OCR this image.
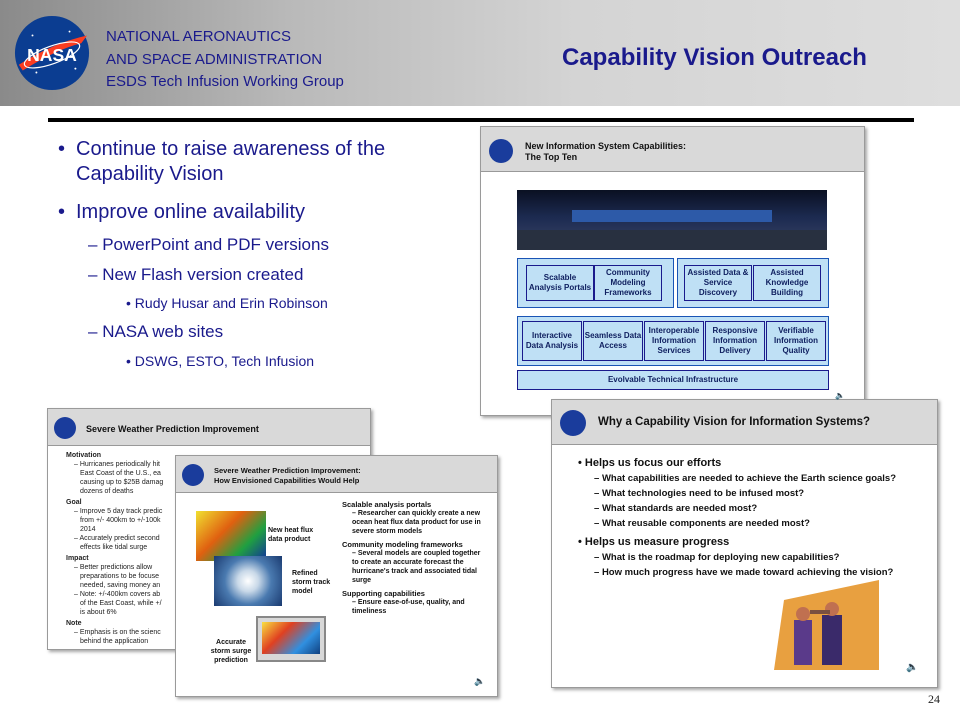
NASA
NATIONAL AERONAUTICS
AND SPACE ADMINISTRATION
ESDS Tech Infusion Working Group
Capability Vision Outreach
• Continue to raise awareness of the Capability Vision
• Improve online availability
– PowerPoint and PDF versions
– New Flash version created
• Rudy Husar and Erin Robinson
– NASA web sites
• DSWG, ESTO, Tech Infusion
New Information System Capabilities:
The Top Ten
Scalable Analysis Portals
Community Modeling Frameworks
Assisted Data & Service Discovery
Assisted Knowledge Building
Interactive Data Analysis
Seamless Data Access
Interoperable Information Services
Responsive Information Delivery
Verifiable Information Quality
Evolvable Technical Infrastructure
Severe Weather Prediction Improvement
Motivation
– Hurricanes periodically hit
East Coast of the U.S., ea
causing up to $25B damag
dozens of deaths
Goal
– Improve 5 day track predic
from +/- 400km to +/-100k
2014
– Accurately predict second
effects like tidal surge
Impact
– Better predictions allow
preparations to be focuse
needed, saving money an
– Note: +/-400km covers ab
of the East Coast, while +/
is about 6%
Note
– Emphasis is on the scienc
behind the application
Severe Weather Prediction Improvement:
How Envisioned Capabilities Would Help
New heat flux data product
Refined storm track model
Accurate storm surge prediction
Scalable analysis portals
– Researcher can quickly create a new ocean heat flux data product for use in severe storm models
Community modeling frameworks
– Several models are coupled together to create an accurate forecast the hurricane's track and associated tidal surge
Supporting capabilities
– Ensure ease-of-use, quality, and timeliness
🔈
Why a Capability Vision for Information Systems?
• Helps us focus our efforts
– What capabilities are needed to achieve the Earth science goals?
– What technologies need to be infused most?
– What standards are needed most?
– What reusable components are needed most?
• Helps us measure progress
– What is the roadmap for deploying new capabilities?
– How much progress have we made toward achieving the vision?
🔈
🔈
24
